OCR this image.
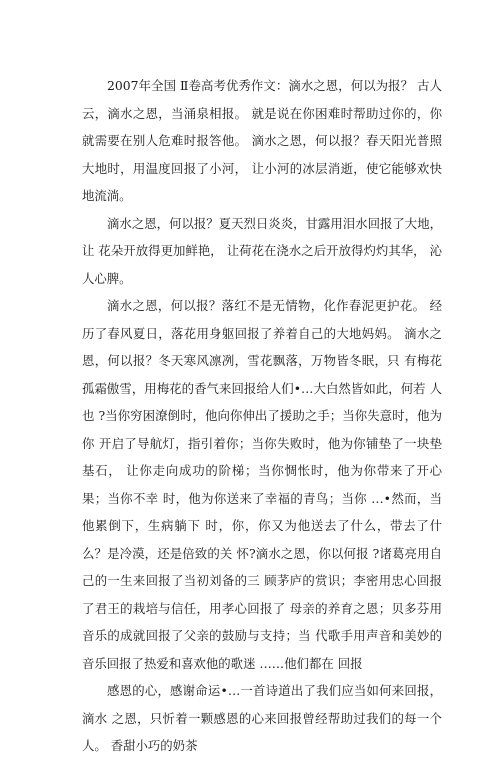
2007年全国 Ⅱ卷高考优秀作文：滴水之恩，何以为报？ 古人云，滴水之恩，当涌泉相报。 就是说在你困难时帮助过你的，你就需要在别人危难时报答他。 滴水之恩，何以报？春天阳光普照大地时，用温度回报了小河， 让小河的冰层消逝，使它能够欢快地流淌。

滴水之恩，何以报？夏天烈日炎炎，甘露用泪水回报了大地，让 花朵开放得更加鲜艳， 让荷花在浇水之后开放得灼灼其华， 沁人心脾。

滴水之恩，何以报？落红不是无情物，化作春泥更护花。 经历了春风夏日，落花用身躯回报了养着自己的大地妈妈。 滴水之恩，何以报？冬天寒风凛冽，雪花飘落，万物皆冬眠，只 有梅花孤霜傲雪，用梅花的香气来回报给人们•…大白然皆如此，何若 人也 ?当你穷困潦倒时，他向你伸出了援助之手；当你失意时，他为你 开启了导航灯，指引着你；当你失败时，他为你铺垫了一块垫基石， 让你走向成功的阶梯；当你惆怅时，他为你带来了开心果；当你不幸 时，他为你送来了幸福的青鸟；当你 …•然而，当他累倒下，生病躺下 时，你，你又为他送去了什么，带去了什么？是冷漠，还是倍致的关 怀?滴水之恩，你以何报 ?诸葛亮用自己的一生来回报了当初刘备的三 顾茅庐的赏识；李密用忠心回报了君王的栽培与信任，用孝心回报了 母亲的养育之恩；贝多芬用音乐的成就回报了父亲的鼓励与支持；当 代歌手用声音和美妙的音乐回报了热爱和喜欢他的歌迷 ……他们都在 回报

感恩的心，感谢命运•…一首诗道出了我们应当如何来回报，滴水 之恩，只忻着一颗感恩的心来回报曾经帮助过我们的每一个人。 香甜小巧的奶茶
